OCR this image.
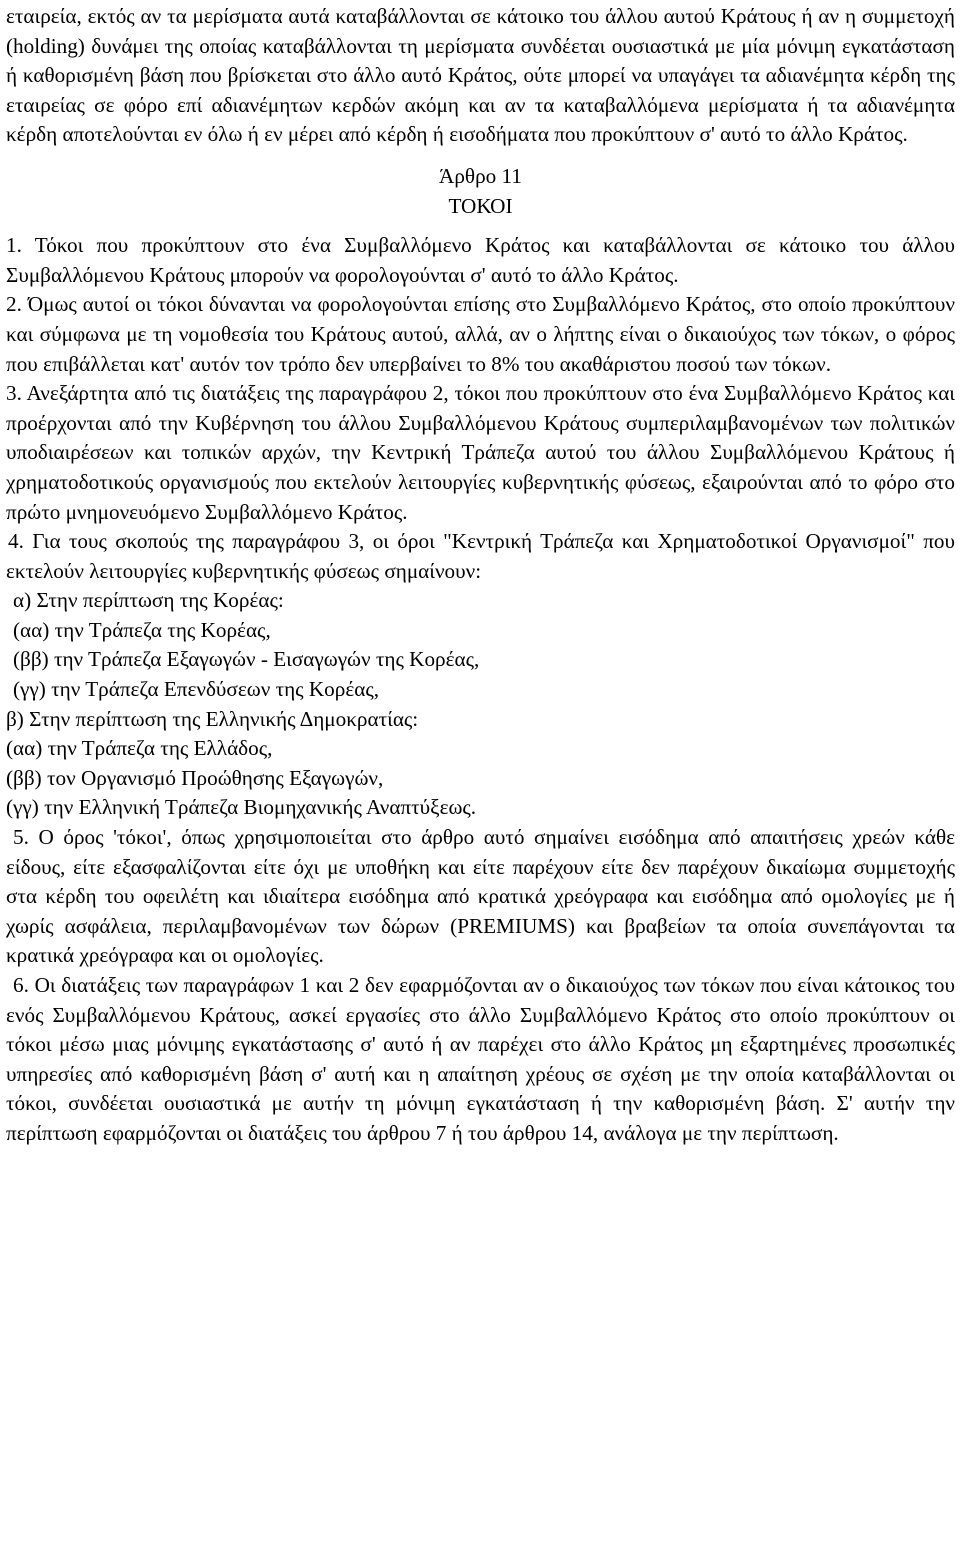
εταιρεία, εκτός αν τα μερίσματα αυτά καταβάλλονται σε κάτοικο του άλλου αυτού Κράτους ή αν η συμμετοχή (holding) δυνάμει της οποίας καταβάλλονται τη μερίσματα συνδέεται ουσιαστικά με μία μόνιμη εγκατάσταση ή καθορισμένη βάση που βρίσκεται στο άλλο αυτό Κράτος, ούτε μπορεί να υπαγάγει τα αδιανέμητα κέρδη της εταιρείας σε φόρο επί αδιανέμητων κερδών ακόμη και αν τα καταβαλλόμενα μερίσματα ή τα αδιανέμητα κέρδη αποτελούνται εν όλω ή εν μέρει από κέρδη ή εισοδήματα που προκύπτουν σ' αυτό το άλλο Κράτος.

Άρθρο 11
ΤΟΚΟΙ

1. Τόκοι που προκύπτουν στο ένα Συμβαλλόμενο Κράτος και καταβάλλονται σε κάτοικο του άλλου Συμβαλλόμενου Κράτους μπορούν να φορολογούνται σ' αυτό το άλλο Κράτος.

2. Όμως αυτοί οι τόκοι δύνανται να φορολογούνται επίσης στο Συμβαλλόμενο Κράτος, στο οποίο προκύπτουν και σύμφωνα με τη νομοθεσία του Κράτους αυτού, αλλά, αν ο λήπτης είναι ο δικαιούχος των τόκων, ο φόρος που επιβάλλεται κατ' αυτόν τον τρόπο δεν υπερβαίνει το 8% του ακαθάριστου ποσού των τόκων.

3. Ανεξάρτητα από τις διατάξεις της παραγράφου 2, τόκοι που προκύπτουν στο ένα Συμβαλλόμενο Κράτος και προέρχονται από την Κυβέρνηση του άλλου Συμβαλλόμενου Κράτους συμπεριλαμβανομένων των πολιτικών υποδιαιρέσεων και τοπικών αρχών, την Κεντρική Τράπεζα αυτού του άλλου Συμβαλλόμενου Κράτους ή χρηματοδοτικούς οργανισμούς που εκτελούν λειτουργίες κυβερνητικής φύσεως, εξαιρούνται από το φόρο στο πρώτο μνημονευόμενο Συμβαλλόμενο Κράτος.

4. Για τους σκοπούς της παραγράφου 3, οι όροι "Κεντρική Τράπεζα και Χρηματοδοτικοί Οργανισμοί" που εκτελούν λειτουργίες κυβερνητικής φύσεως σημαίνουν:

α) Στην περίπτωση της Κορέας:

(αα) την Τράπεζα της Κορέας,

(ββ) την Τράπεζα Εξαγωγών - Εισαγωγών της Κορέας,

(γγ) την Τράπεζα Επενδύσεων της Κορέας,

β) Στην περίπτωση της Ελληνικής Δημοκρατίας:

(αα) την Τράπεζα της Ελλάδος,

(ββ) τον Οργανισμό Προώθησης Εξαγωγών,

(γγ) την Ελληνική Τράπεζα Βιομηχανικής Αναπτύξεως.

5. Ο όρος 'τόκοι', όπως χρησιμοποιείται στο άρθρο αυτό σημαίνει εισόδημα από απαιτήσεις χρεών κάθε είδους, είτε εξασφαλίζονται είτε όχι με υποθήκη και είτε παρέχουν είτε δεν παρέχουν δικαίωμα συμμετοχής στα κέρδη του οφειλέτη και ιδιαίτερα εισόδημα από κρατικά χρεόγραφα και εισόδημα από ομολογίες με ή χωρίς ασφάλεια, περιλαμβανομένων των δώρων (PREMIUMS) και βραβείων τα οποία συνεπάγονται τα κρατικά χρεόγραφα και οι ομολογίες.

6. Οι διατάξεις των παραγράφων 1 και 2 δεν εφαρμόζονται αν ο δικαιούχος των τόκων που είναι κάτοικος του ενός Συμβαλλόμενου Κράτους, ασκεί εργασίες στο άλλο Συμβαλλόμενο Κράτος στο οποίο προκύπτουν οι τόκοι μέσω μιας μόνιμης εγκατάστασης σ' αυτό ή αν παρέχει στο άλλο Κράτος μη εξαρτημένες προσωπικές υπηρεσίες από καθορισμένη βάση σ' αυτή και η απαίτηση χρέους σε σχέση με την οποία καταβάλλονται οι τόκοι, συνδέεται ουσιαστικά με αυτήν τη μόνιμη εγκατάσταση ή την καθορισμένη βάση. Σ' αυτήν την περίπτωση εφαρμόζονται οι διατάξεις του άρθρου 7 ή του άρθρου 14, ανάλογα με την περίπτωση.
